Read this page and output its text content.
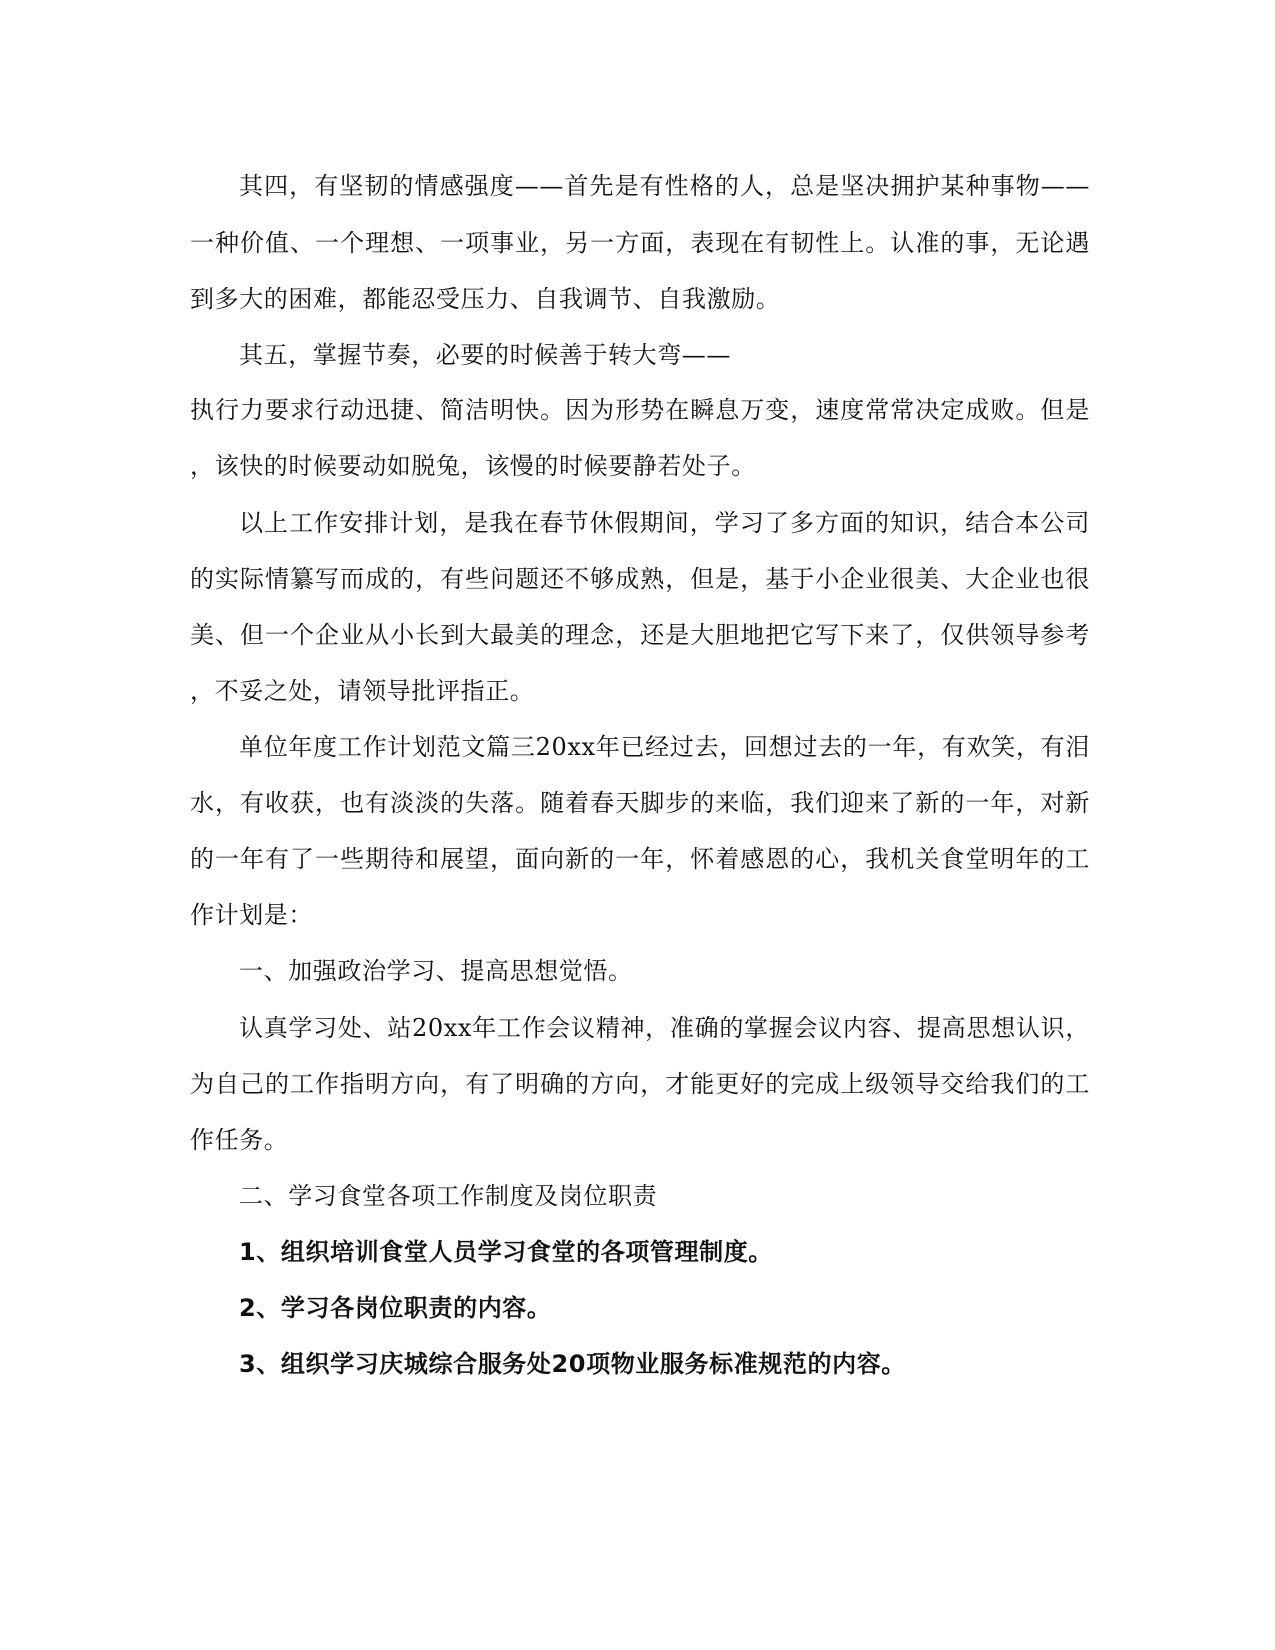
其四，有坚韧的情感强度——首先是有性格的人，总是坚决拥护某种事物——
一种价值、一个理想、一项事业，另一方面，表现在有韧性上。认准的事，无论遇
到多大的困难，都能忍受压力、自我调节、自我激励。
其五，掌握节奏，必要的时候善于转大弯——
执行力要求行动迅捷、简洁明快。因为形势在瞬息万变，速度常常决定成败。但是
，该快的时候要动如脱兔，该慢的时候要静若处子。
以上工作安排计划，是我在春节休假期间，学习了多方面的知识，结合本公司
的实际情纂写而成的，有些问题还不够成熟，但是，基于小企业很美、大企业也很
美、但一个企业从小长到大最美的理念，还是大胆地把它写下来了，仅供领导参考
，不妥之处，请领导批评指正。
单位年度工作计划范文篇三20xx年已经过去，回想过去的一年，有欢笑，有泪
水，有收获，也有淡淡的失落。随着春天脚步的来临，我们迎来了新的一年，对新
的一年有了一些期待和展望，面向新的一年，怀着感恩的心，我机关食堂明年的工
作计划是：
一、加强政治学习、提高思想觉悟。
认真学习处、站20xx年工作会议精神，准确的掌握会议内容、提高思想认识，
为自己的工作指明方向，有了明确的方向，才能更好的完成上级领导交给我们的工
作任务。
二、学习食堂各项工作制度及岗位职责
1、组织培训食堂人员学习食堂的各项管理制度。
2、学习各岗位职责的内容。
3、组织学习庆城综合服务处20项物业服务标准规范的内容。
